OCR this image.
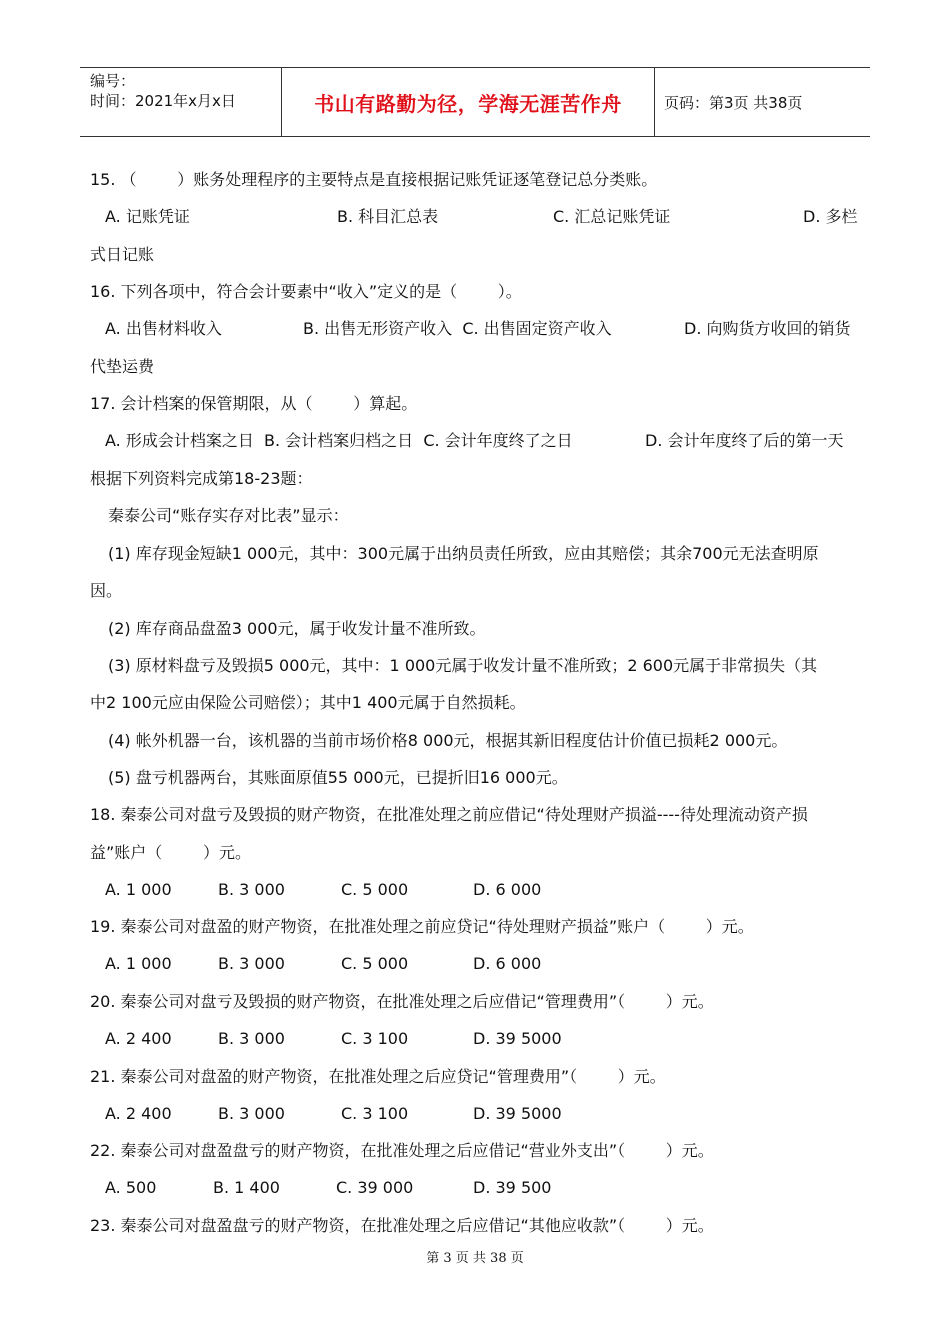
编号：
时间：2021年x月x日	书山有路勤为径，学海无涯苦作舟	页码：第3页 共38页
15. （        ）账务处理程序的主要特点是直接根据记账凭证逐笔登记总分类账。
A. 记账凭证	B. 科目汇总表	C. 汇总记账凭证	D. 多栏
式日记账
16. 下列各项中，符合会计要素中“收入”定义的是（        ）。
A. 出售材料收入	B. 出售无形资产收入  C. 出售固定资产收入	D. 向购货方收回的销货
代垫运费
17. 会计档案的保管期限，从（        ）算起。
A. 形成会计档案之日  B. 会计档案归档之日  C. 会计年度终了之日	D. 会计年度终了后的第一天
根据下列资料完成第18-23题：
秦泰公司“账存实存对比表”显示：
(1) 库存现金短缺1 000元，其中：300元属于出纳员责任所致，应由其赔偿；其余700元无法查明原
因。
(2) 库存商品盘盈3 000元，属于收发计量不准所致。
(3) 原材料盘亏及毁损5 000元，其中：1 000元属于收发计量不准所致；2 600元属于非常损失（其
中2 100元应由保险公司赔偿）；其中1 400元属于自然损耗。
(4) 帐外机器一台，该机器的当前市场价格8 000元，根据其新旧程度估计价值已损耗2 000元。
(5) 盘亏机器两台，其账面原值55 000元，已提折旧16 000元。
18. 秦泰公司对盘亏及毁损的财产物资，在批准处理之前应借记“待处理财产损溢----待处理流动资产损
益”账户（        ）元。
A. 1 000	B. 3 000	C. 5 000	D. 6 000
19. 秦泰公司对盘盈的财产物资，在批准处理之前应贷记“待处理财产损益”账户（        ）元。
A. 1 000	B. 3 000	C. 5 000	D. 6 000
20. 秦泰公司对盘亏及毁损的财产物资，在批准处理之后应借记“管理费用”（        ）元。
A. 2 400	B. 3 000	C. 3 100	D. 39 5000
21. 秦泰公司对盘盈的财产物资，在批准处理之后应贷记“管理费用”（        ）元。
A. 2 400	B. 3 000	C. 3 100	D. 39 5000
22. 秦泰公司对盘盈盘亏的财产物资，在批准处理之后应借记“营业外支出”（        ）元。
A. 500	B. 1 400	C. 39 000	D. 39 500
23. 秦泰公司对盘盈盘亏的财产物资，在批准处理之后应借记“其他应收款”（        ）元。
第 3 页 共 38 页
